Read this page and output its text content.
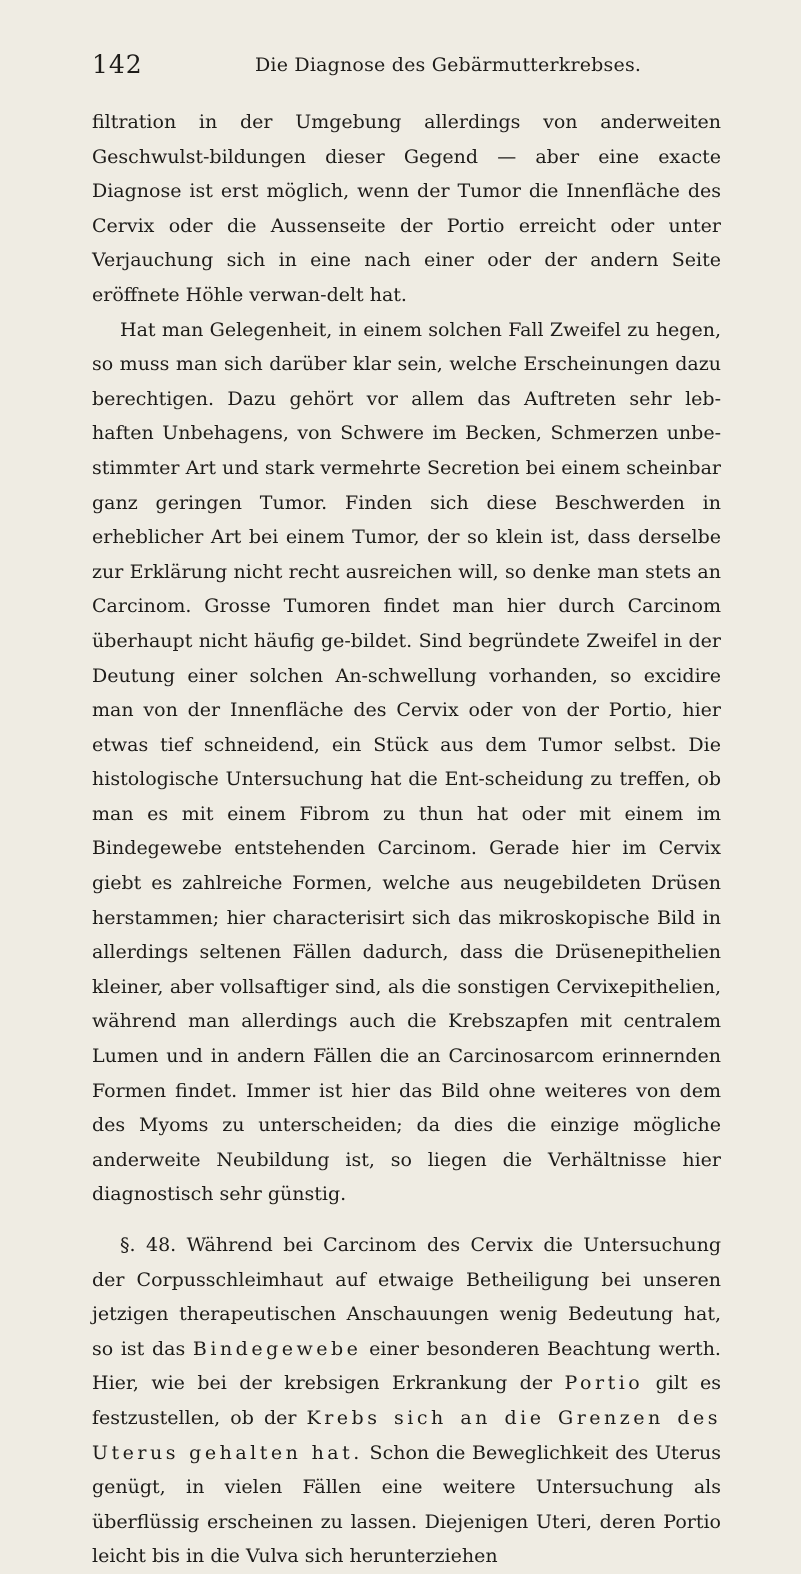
142	Die Diagnose des Gebärmutterkrebses.

filtration in der Umgebung allerdings von anderweiten Geschwulst-bildungen dieser Gegend — aber eine exacte Diagnose ist erst möglich, wenn der Tumor die Innenfläche des Cervix oder die Aussenseite der Portio erreicht oder unter Verjauchung sich in eine nach einer oder der andern Seite eröffnete Höhle verwan-delt hat.

Hat man Gelegenheit, in einem solchen Fall Zweifel zu hegen, so muss man sich darüber klar sein, welche Erscheinungen dazu berechtigen. Dazu gehört vor allem das Auftreten sehr leb-haften Unbehagens, von Schwere im Becken, Schmerzen unbe-stimmter Art und stark vermehrte Secretion bei einem scheinbar ganz geringen Tumor. Finden sich diese Beschwerden in erheblicher Art bei einem Tumor, der so klein ist, dass derselbe zur Erklärung nicht recht ausreichen will, so denke man stets an Carcinom. Grosse Tumoren findet man hier durch Carcinom überhaupt nicht häufig ge-bildet. Sind begründete Zweifel in der Deutung einer solchen An-schwellung vorhanden, so excidire man von der Innenfläche des Cervix oder von der Portio, hier etwas tief schneidend, ein Stück aus dem Tumor selbst. Die histologische Untersuchung hat die Ent-scheidung zu treffen, ob man es mit einem Fibrom zu thun hat oder mit einem im Bindegewebe entstehenden Carcinom. Gerade hier im Cervix giebt es zahlreiche Formen, welche aus neugebildeten Drüsen herstammen; hier characterisirt sich das mikroskopische Bild in allerdings seltenen Fällen dadurch, dass die Drüsenepithelien kleiner, aber vollsaftiger sind, als die sonstigen Cervixepithelien, während man allerdings auch die Krebszapfen mit centralem Lumen und in andern Fällen die an Carcinosarcom erinnernden Formen findet. Immer ist hier das Bild ohne weiteres von dem des Myoms zu unterscheiden; da dies die einzige mögliche anderweite Neubildung ist, so liegen die Verhältnisse hier diagnostisch sehr günstig.

§. 48. Während bei Carcinom des Cervix die Untersuchung der Corpusschleimhaut auf etwaige Betheiligung bei unseren jetzigen therapeutischen Anschauungen wenig Bedeutung hat, so ist das Bindegewebe einer besonderen Beachtung werth. Hier, wie bei der krebsigen Erkrankung der Portio gilt es festzustellen, ob der Krebs sich an die Grenzen des Uterus gehalten hat. Schon die Beweglichkeit des Uterus genügt, in vielen Fällen eine weitere Untersuchung als überflüssig erscheinen zu lassen. Diejenigen Uteri, deren Portio leicht bis in die Vulva sich herunterziehen
